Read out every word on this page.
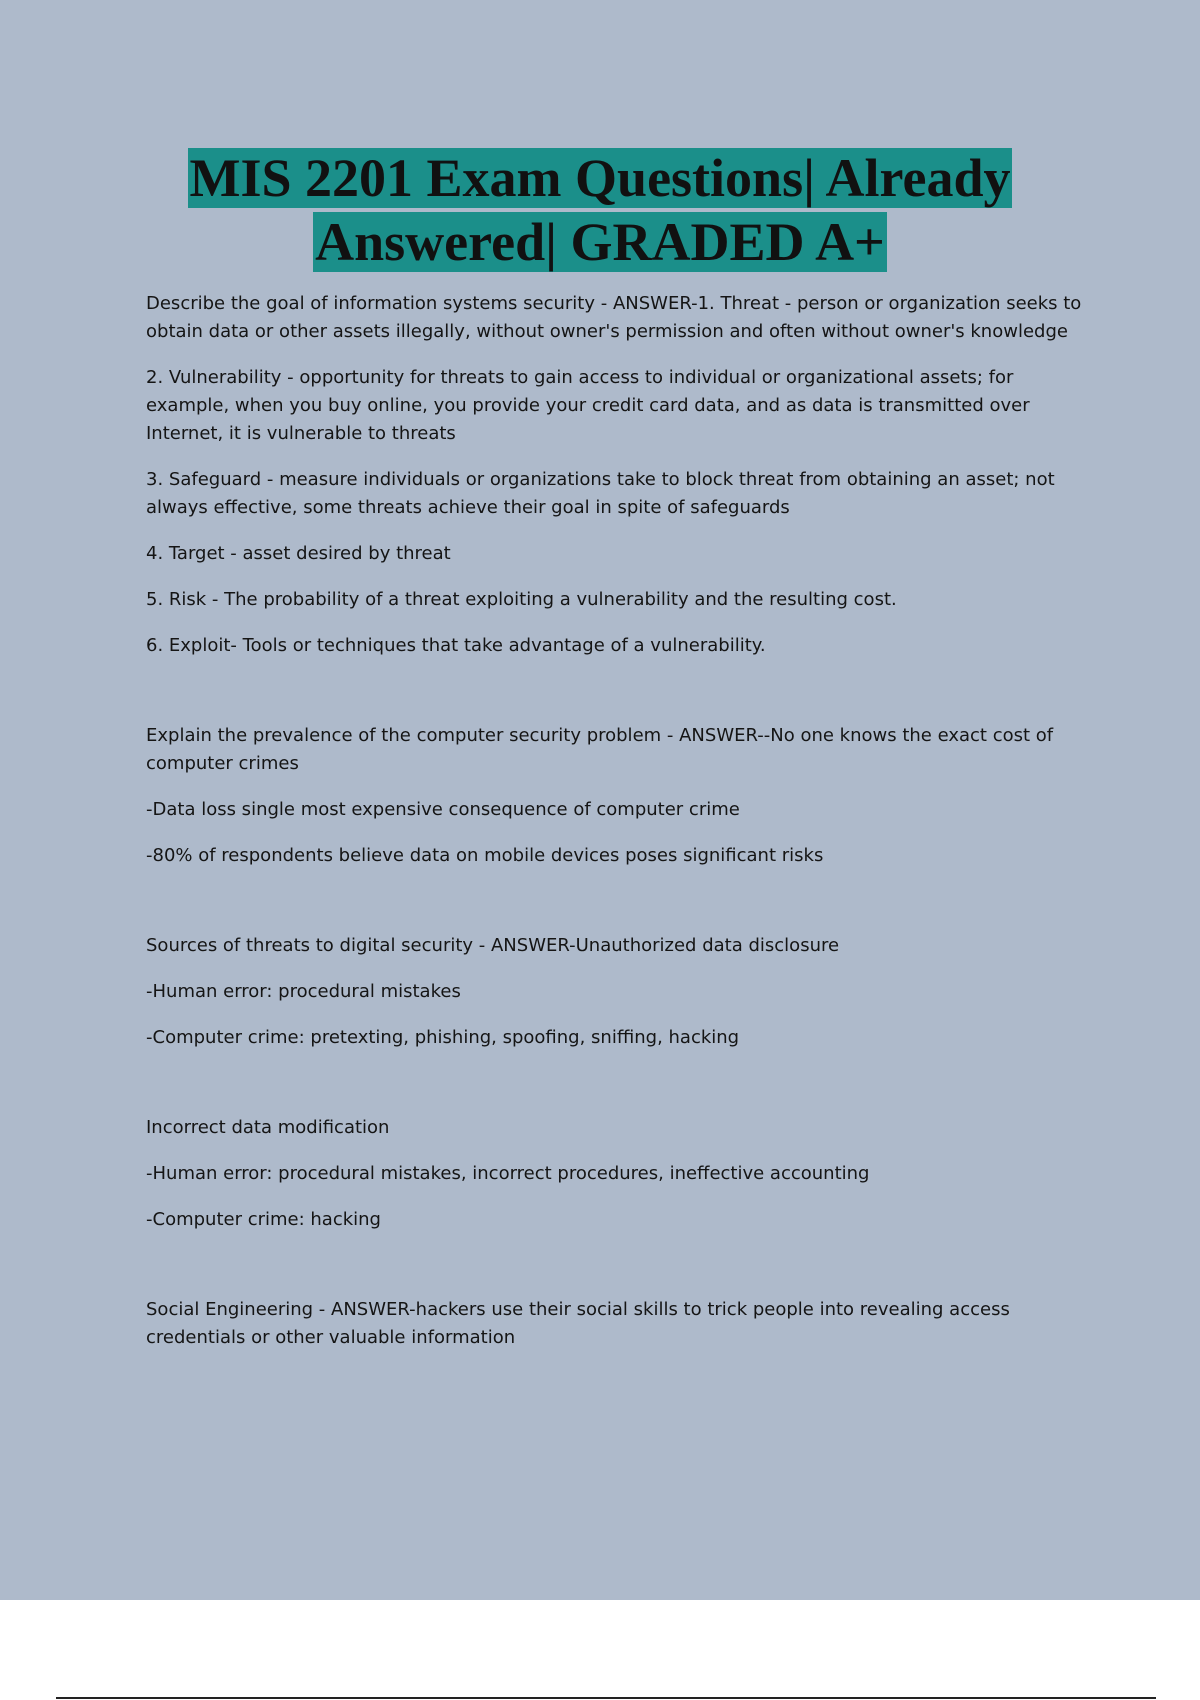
MIS 2201 Exam Questions| Already
Answered| GRADED A+

Describe the goal of information systems security - ANSWER-1. Threat - person or organization seeks to obtain data or other assets illegally, without owner's permission and often without owner's knowledge

2. Vulnerability - opportunity for threats to gain access to individual or organizational assets; for example, when you buy online, you provide your credit card data, and as data is transmitted over Internet, it is vulnerable to threats

3. Safeguard - measure individuals or organizations take to block threat from obtaining an asset; not always effective, some threats achieve their goal in spite of safeguards

4. Target - asset desired by threat

5. Risk - The probability of a threat exploiting a vulnerability and the resulting cost.

6. Exploit- Tools or techniques that take advantage of a vulnerability.

Explain the prevalence of the computer security problem - ANSWER--No one knows the exact cost of computer crimes

-Data loss single most expensive consequence of computer crime

-80% of respondents believe data on mobile devices poses significant risks

Sources of threats to digital security - ANSWER-Unauthorized data disclosure

-Human error: procedural mistakes

-Computer crime: pretexting, phishing, spoofing, sniffing, hacking

Incorrect data modification

-Human error: procedural mistakes, incorrect procedures, ineffective accounting

-Computer crime: hacking

Social Engineering - ANSWER-hackers use their social skills to trick people into revealing access credentials or other valuable information
